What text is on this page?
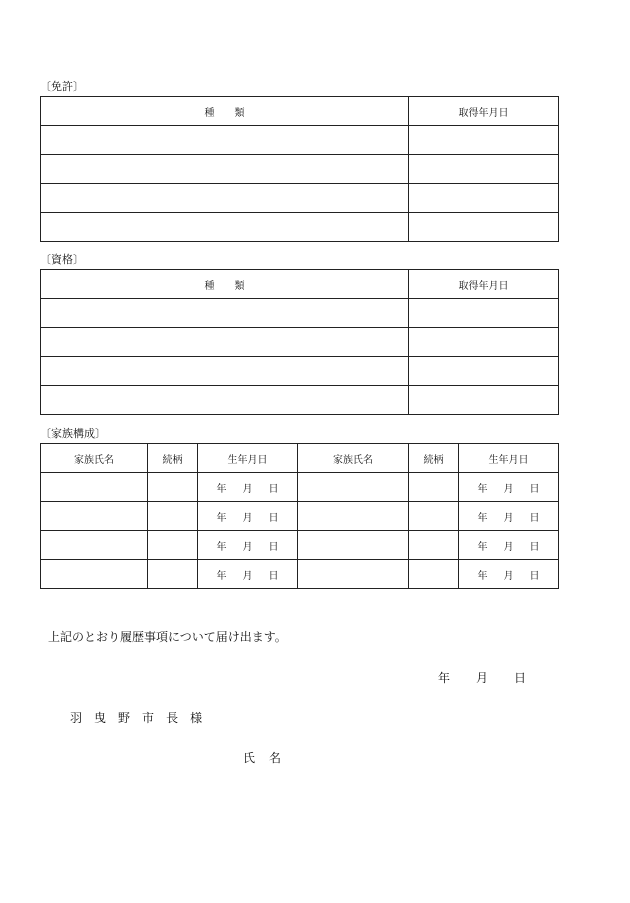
〔免許〕
種　　類	取得年月日

〔資格〕
種　　類	取得年月日

〔家族構成〕
家族氏名	続柄	生年月日	家族氏名	続柄	生年月日
		年 月 日			年 月 日
		年 月 日			年 月 日
		年 月 日			年 月 日
		年 月 日			年 月 日
上記のとおり履歴事項について届け出ます。
年 月 日
羽 曳 野 市 長 様
氏 名
